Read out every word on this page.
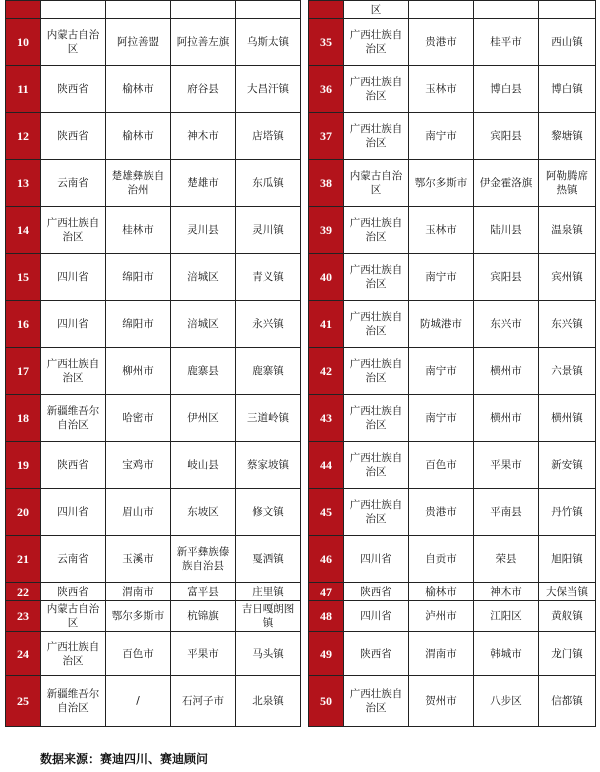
							区			
10	内蒙古自治区	阿拉善盟	阿拉善左旗	乌斯太镇		35	广西壮族自治区	贵港市	桂平市	西山镇
11	陕西省	榆林市	府谷县	大昌汗镇		36	广西壮族自治区	玉林市	博白县	博白镇
12	陕西省	榆林市	神木市	店塔镇		37	广西壮族自治区	南宁市	宾阳县	黎塘镇
13	云南省	楚雄彝族自治州	楚雄市	东瓜镇		38	内蒙古自治区	鄂尔多斯市	伊金霍洛旗	阿勒腾席热镇
14	广西壮族自治区	桂林市	灵川县	灵川镇		39	广西壮族自治区	玉林市	陆川县	温泉镇
15	四川省	绵阳市	涪城区	青义镇		40	广西壮族自治区	南宁市	宾阳县	宾州镇
16	四川省	绵阳市	涪城区	永兴镇		41	广西壮族自治区	防城港市	东兴市	东兴镇
17	广西壮族自治区	柳州市	鹿寨县	鹿寨镇		42	广西壮族自治区	南宁市	横州市	六景镇
18	新疆维吾尔自治区	哈密市	伊州区	三道岭镇		43	广西壮族自治区	南宁市	横州市	横州镇
19	陕西省	宝鸡市	岐山县	蔡家坡镇		44	广西壮族自治区	百色市	平果市	新安镇
20	四川省	眉山市	东坡区	修文镇		45	广西壮族自治区	贵港市	平南县	丹竹镇
21	云南省	玉溪市	新平彝族傣族自治县	戛洒镇		46	四川省	自贡市	荣县	旭阳镇
22	陕西省	渭南市	富平县	庄里镇		47	陕西省	榆林市	神木市	大保当镇
23	内蒙古自治区	鄂尔多斯市	杭锦旗	吉日嘎朗图镇		48	四川省	泸州市	江阳区	黄舣镇
24	广西壮族自治区	百色市	平果市	马头镇		49	陕西省	渭南市	韩城市	龙门镇
25	新疆维吾尔自治区	/	石河子市	北泉镇		50	广西壮族自治区	贺州市	八步区	信都镇
数据来源：赛迪四川、赛迪顾问
